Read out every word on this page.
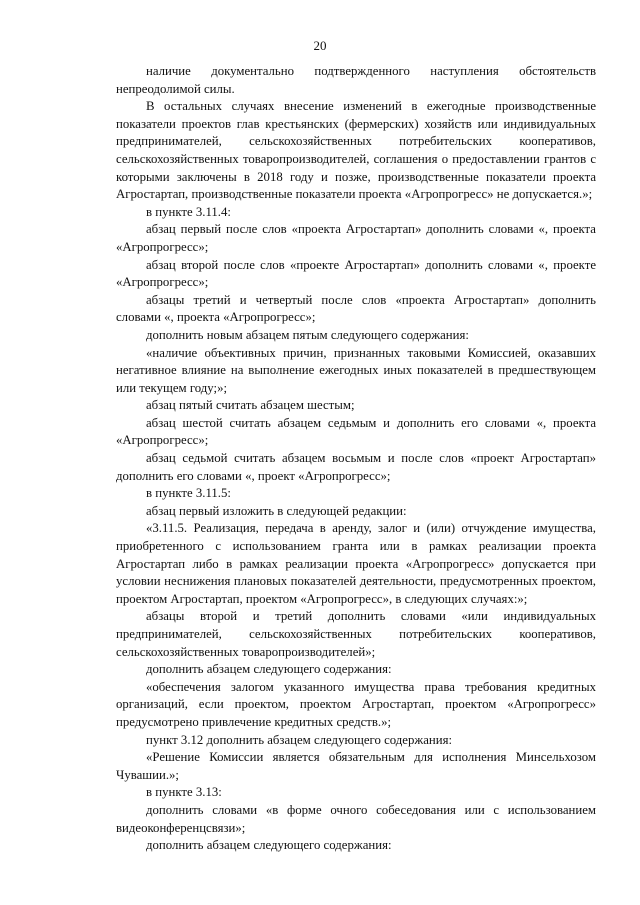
20

наличие документально подтвержденного наступления обстоятельств непреодолимой силы.

В остальных случаях внесение изменений в ежегодные производственные показатели проектов глав крестьянских (фермерских) хозяйств или индивидуальных предпринимателей, сельскохозяйственных потребительских кооперативов, сельскохозяйственных товаропроизводителей, соглашения о предоставлении грантов с которыми заключены в 2018 году и позже, производственные показатели проекта Агростартап, производственные показатели проекта «Агропрогресс» не допускается.»;

в пункте 3.11.4:

абзац первый после слов «проекта Агростартап» дополнить словами «, проекта «Агропрогресс»;

абзац второй после слов «проекте Агростартап» дополнить словами «, проекте «Агропрогресс»;

абзацы третий и четвертый после слов «проекта Агростартап» дополнить словами «, проекта «Агропрогресс»;

дополнить новым абзацем пятым следующего содержания:

«наличие объективных причин, признанных таковыми Комиссией, оказавших негативное влияние на выполнение ежегодных иных показателей в предшествующем или текущем году;»;

абзац пятый считать абзацем шестым;

абзац шестой считать абзацем седьмым и дополнить его словами «, проекта «Агропрогресс»;

абзац седьмой считать абзацем восьмым и после слов «проект Агростартап» дополнить его словами «, проект «Агропрогресс»;

в пункте 3.11.5:

абзац первый изложить в следующей редакции:

«3.11.5. Реализация, передача в аренду, залог и (или) отчуждение имущества, приобретенного с использованием гранта или в рамках реализации проекта Агростартап либо в рамках реализации проекта «Агропрогресс» допускается при условии неснижения плановых показателей деятельности, предусмотренных проектом, проектом Агростартап, проектом «Агропрогресс», в следующих случаях:»;

абзацы второй и третий дополнить словами «или индивидуальных предпринимателей, сельскохозяйственных потребительских кооперативов, сельскохозяйственных товаропроизводителей»;

дополнить абзацем следующего содержания:

«обеспечения залогом указанного имущества права требования кредитных организаций, если проектом, проектом Агростартап, проектом «Агропрогресс» предусмотрено привлечение кредитных средств.»;

пункт 3.12 дополнить абзацем следующего содержания:

«Решение Комиссии является обязательным для исполнения Минсельхозом Чувашии.»;

в пункте 3.13:

дополнить словами «в форме очного собеседования или с использованием видеоконференцсвязи»;

дополнить абзацем следующего содержания:
